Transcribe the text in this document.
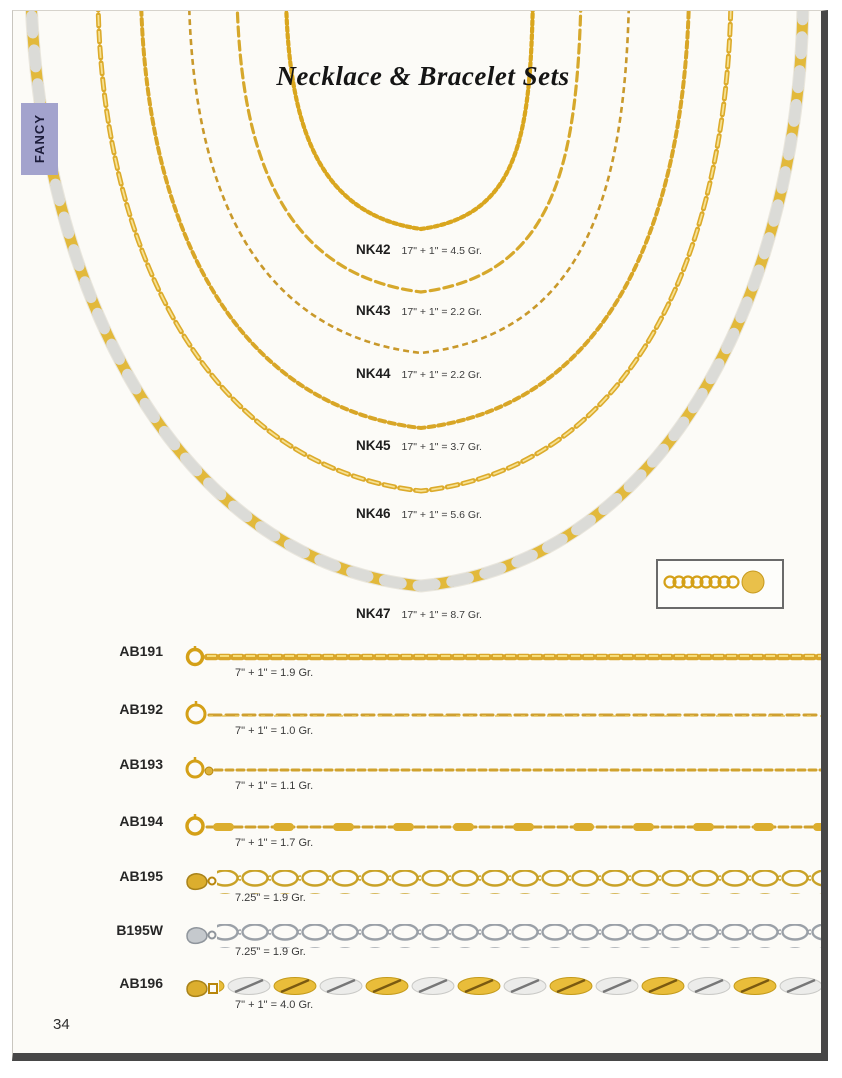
FANCY
Necklace & Bracelet Sets
NK42 17" + 1" = 4.5 Gr.
NK43 17" + 1" = 2.2 Gr.
NK44 17" + 1" = 2.2 Gr.
NK45 17" + 1" = 3.7 Gr.
NK46 17" + 1" = 5.6 Gr.
NK47 17" + 1" = 8.7 Gr.
AB191
7" + 1" = 1.9 Gr.
AB192
7" + 1" = 1.0 Gr.
AB193
7" + 1" = 1.1 Gr.
AB194
7" + 1" = 1.7 Gr.
AB195
7.25" = 1.9 Gr.
B195W
7.25" = 1.9 Gr.
AB196
7" + 1" = 4.0 Gr.
34
